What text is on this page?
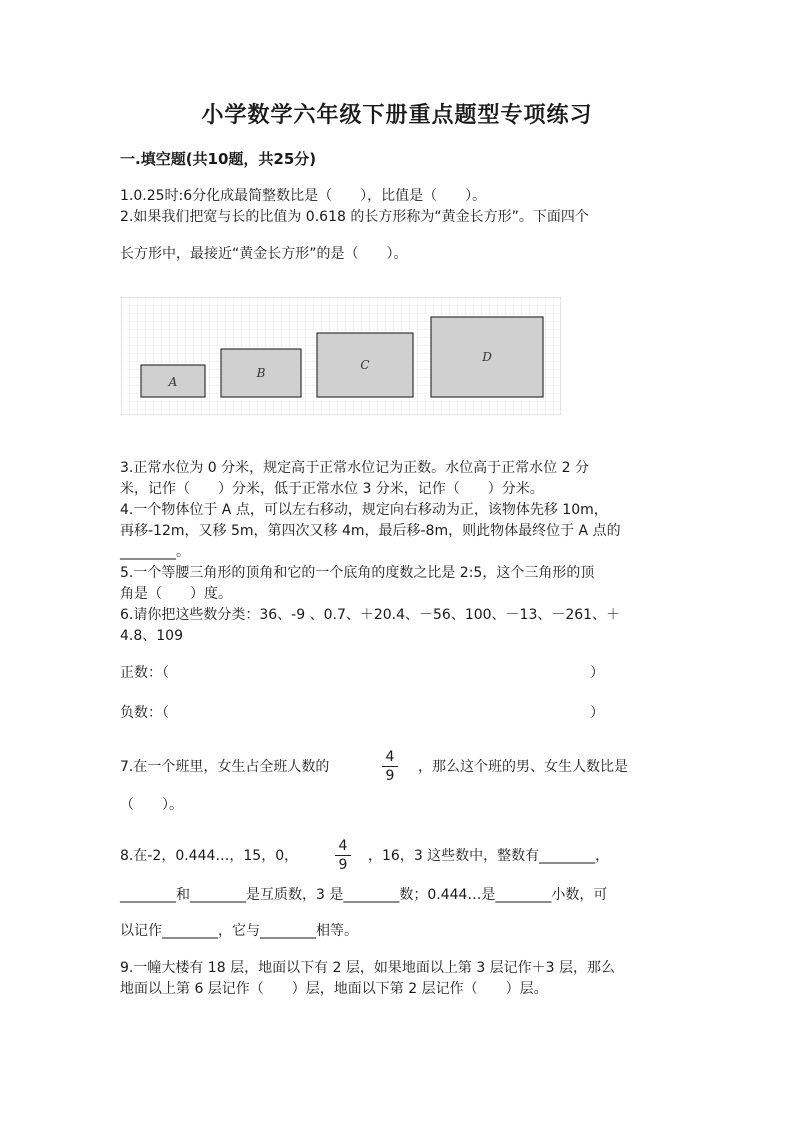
小学数学六年级下册重点题型专项练习
一.填空题(共10题，共25分)
1.0.25时:6分化成最简整数比是（　　），比值是（　　）。
2.如果我们把宽与长的比值为 0.618 的长方形称为“黄金长方形”。下面四个
长方形中，最接近“黄金长方形”的是（　　）。
A
B
C
D
3.正常水位为 0 分米，规定高于正常水位记为正数。水位高于正常水位 2 分
米，记作（　　）分米，低于正常水位 3 分米，记作（　　）分米。
4.一个物体位于 A 点，可以左右移动，规定向右移动为正，该物体先移 10m，
再移-12m，又移 5m，第四次又移 4m，最后移-8m，则此物体最终位于 A 点的
________。
5.一个等腰三角形的顶角和它的一个底角的度数之比是 2:5，这个三角形的顶
角是（　　）度。
6.请你把这些数分类：36、-9 、0.7、＋20.4、－56、100、－13、－261、＋
4.8、109
正数：（	）
负数：（	）
7.在一个班里，女生占全班人数的
4
9
，那么这个班的男、女生人数比是
（　　）。
8.在-2，0.444…，15，0，
4
9
，16，3 这些数中，整数有________，
________和________是互质数，3 是________数；0.444…是________小数，可
以记作________，它与________相等。
9.一幢大楼有 18 层，地面以下有 2 层，如果地面以上第 3 层记作＋3 层，那么
地面以上第 6 层记作（　　）层，地面以下第 2 层记作（　　）层。
